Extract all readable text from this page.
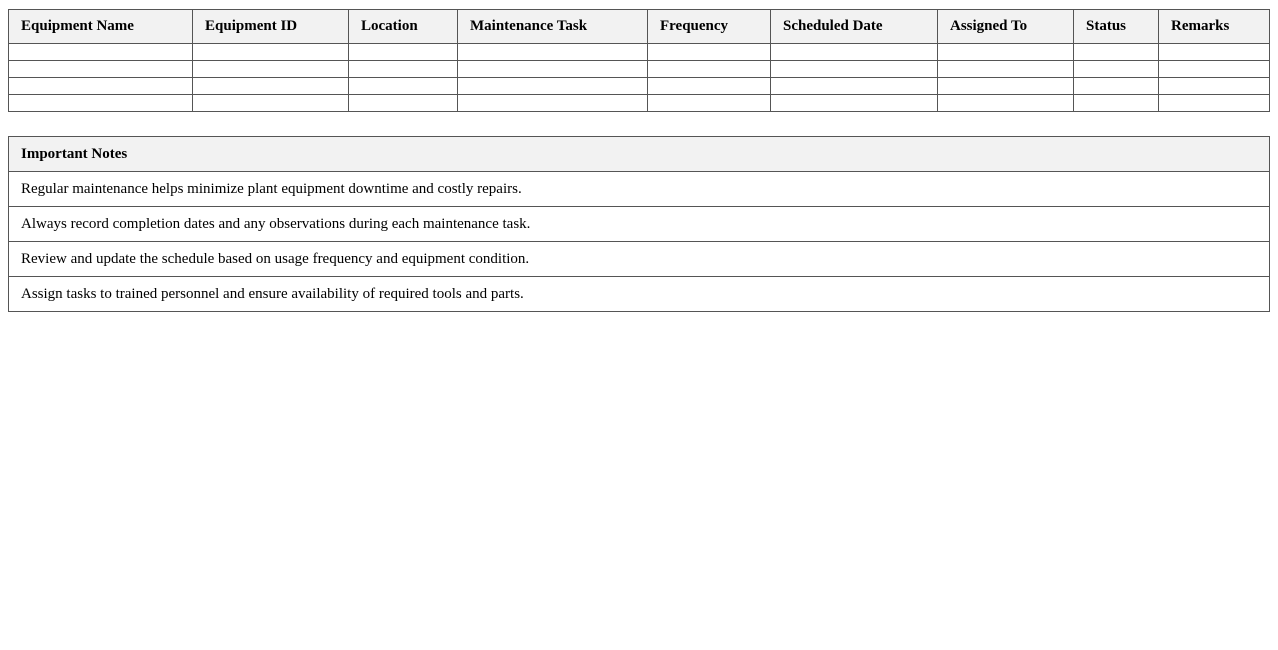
Equipment Name	Equipment ID	Location	Maintenance Task	Frequency	Scheduled Date	Assigned To	Status	Remarks

Important Notes
Regular maintenance helps minimize plant equipment downtime and costly repairs.
Always record completion dates and any observations during each maintenance task.
Review and update the schedule based on usage frequency and equipment condition.
Assign tasks to trained personnel and ensure availability of required tools and parts.
